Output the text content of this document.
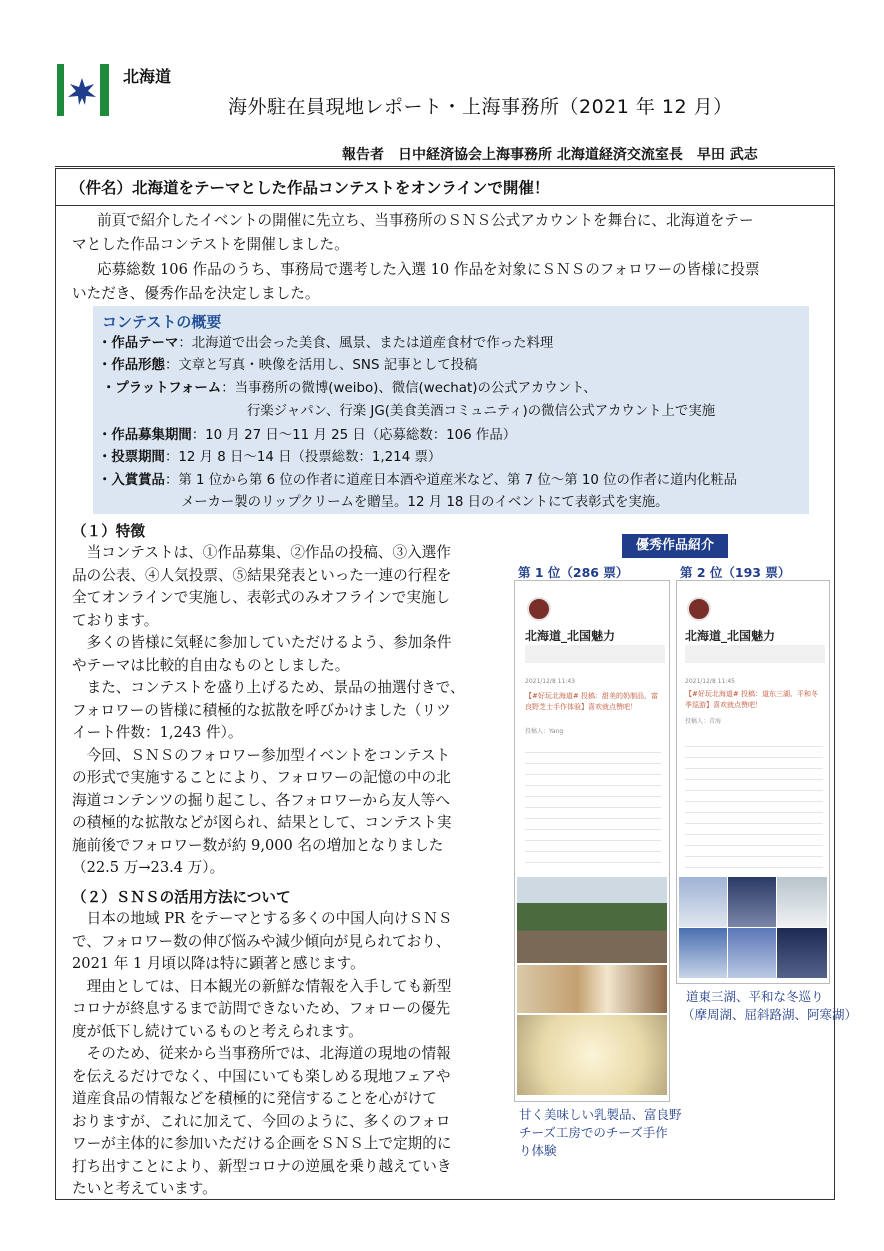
北海道
海外駐在員現地レポート・上海事務所（2021 年 12 月）
報告者　日中経済協会上海事務所 北海道経済交流室長　早田 武志
（件名）北海道をテーマとした作品コンテストをオンラインで開催！
前頁で紹介したイベントの開催に先立ち、当事務所のＳＮＳ公式アカウントを舞台に、北海道をテー
マとした作品コンテストを開催しました。
応募総数 106 作品のうち、事務局で選考した入選 10 作品を対象にＳＮＳのフォロワーの皆様に投票
いただき、優秀作品を決定しました。
コンテストの概要
・作品テーマ：北海道で出会った美食、風景、または道産食材で作った料理
・作品形態：文章と写真・映像を活用し、SNS 記事として投稿
・プラットフォーム：当事務所の微博(weibo)、微信(wechat)の公式アカウント、
行楽ジャパン、行楽 JG(美食美酒コミュニティ)の微信公式アカウント上で実施
・作品募集期間：10 月 27 日～11 月 25 日（応募総数：106 作品）
・投票期間：12 月 8 日～14 日（投票総数：1,214 票）
・入賞賞品：第 1 位から第 6 位の作者に道産日本酒や道産米など、第 7 位～第 10 位の作者に道内化粧品
メーカー製のリップクリームを贈呈。12 月 18 日のイベントにて表彰式を実施。
（１）特徴
　当コンテストは、①作品募集、②作品の投稿、③入選作
品の公表、④人気投票、⑤結果発表といった一連の行程を
全てオンラインで実施し、表彰式のみオフラインで実施し
ております。
　多くの皆様に気軽に参加していただけるよう、参加条件
やテーマは比較的自由なものとしました。
　また、コンテストを盛り上げるため、景品の抽選付きで、
フォロワーの皆様に積極的な拡散を呼びかけました（リツ
イート件数：1,243 件）。
　今回、ＳＮＳのフォロワー参加型イベントをコンテスト
の形式で実施することにより、フォロワーの記憶の中の北
海道コンテンツの掘り起こし、各フォロワーから友人等へ
の積極的な拡散などが図られ、結果として、コンテスト実
施前後でフォロワー数が約 9,000 名の増加となりました
（22.5 万→23.4 万）。
（２）ＳＮＳの活用方法について
　日本の地域 PR をテーマとする多くの中国人向けＳＮＳ
で、フォロワー数の伸び悩みや減少傾向が見られており、
2021 年 1 月頃以降は特に顕著と感じます。
　理由としては、日本観光の新鮮な情報を入手しても新型
コロナが終息するまで訪問できないため、フォローの優先
度が低下し続けているものと考えられます。
　そのため、従来から当事務所では、北海道の現地の情報
を伝えるだけでなく、中国にいても楽しめる現地フェアや
道産食品の情報などを積極的に発信することを心がけて
おりますが、これに加えて、今回のように、多くのフォロ
ワーが主体的に参加いただける企画をＳＮＳ上で定期的に
打ち出すことにより、新型コロナの逆風を乗り越えていき
たいと考えています。
優秀作品紹介
第 1 位（286 票）	第 2 位（193 票）
北海道_北国魅力
2021/12/8 11:43
【#好玩北海道# 投稿：甜美的奶制品，富良野芝士手作体验】喜欢就点赞吧！
投稿人：Yang
甘く美味しい乳製品、富良野
チーズ工房でのチーズ手作
り体験
北海道_北国魅力
2021/12/8 11:45
【#好玩北海道# 投稿：道东三湖、平和冬季巡游】喜欢就点赞吧！
投稿人：青海
道東三湖、平和な冬巡り
（摩周湖、屈斜路湖、阿寒湖）
